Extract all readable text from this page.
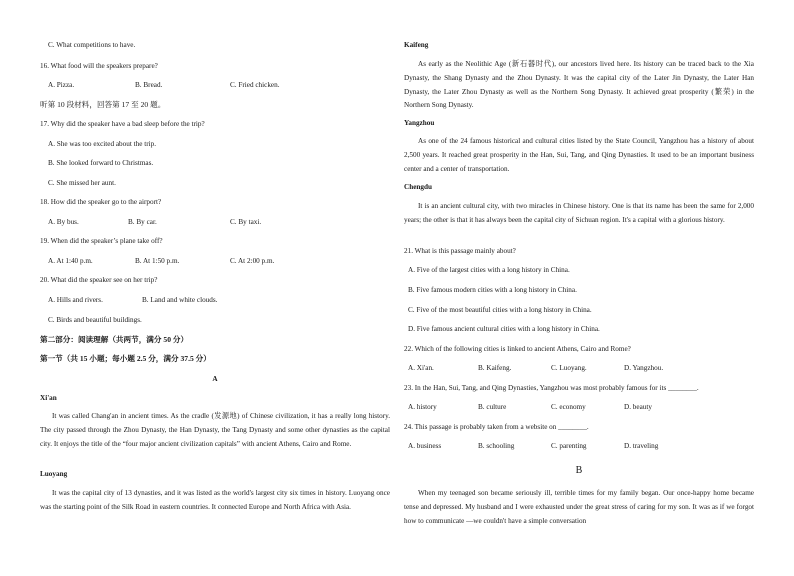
C. What competitions to have.
16. What food will the speakers prepare?
A. Pizza.	B. Bread.	C. Fried chicken.
听第 10 段材料，回答第 17 至 20 题。
17. Why did the speaker have a bad sleep before the trip?
A. She was too excited about the trip.
B. She looked forward to Christmas.
C. She missed her aunt.
18. How did the speaker go to the airport?
A. By bus.	B. By car.	C. By taxi.
19. When did the speaker’s plane take off?
A. At 1:40 p.m.	B. At 1:50 p.m.	C. At 2:00 p.m.
20. What did the speaker see on her trip?
A. Hills and rivers.	B. Land and white clouds.
C. Birds and beautiful buildings.
第二部分：阅读理解（共两节，满分 50 分）
第一节（共 15 小题；每小题 2.5 分，满分 37.5 分）
A
Xi'an
It was called Chang'an in ancient times. As the cradle (发源地) of Chinese civilization, it has a really long history. The city passed through the Zhou Dynasty, the Han Dynasty, the Tang Dynasty and some other dynasties as the capital city. It enjoys the title of the “four major ancient civilization capitals” with ancient Athens, Cairo and Rome.
Luoyang
It was the capital city of 13 dynasties, and it was listed as the world's largest city six times in history. Luoyang once was the starting point of the Silk Road in eastern countries. It connected Europe and North Africa with Asia.
Kaifeng
As early as the Neolithic Age (新石器时代), our ancestors lived here. Its history can be traced back to the Xia Dynasty, the Shang Dynasty and the Zhou Dynasty. It was the capital city of the Later Jin Dynasty, the Later Han Dynasty, the Later Zhou Dynasty as well as the Northern Song Dynasty. It achieved great prosperity (繁荣) in the Northern Song Dynasty.
Yangzhou
As one of the 24 famous historical and cultural cities listed by the State Council, Yangzhou has a history of about 2,500 years. It reached great prosperity in the Han, Sui, Tang, and Qing Dynasties. It used to be an important business center and a center of transportation.
Chengdu
It is an ancient cultural city, with two miracles in Chinese history. One is that its name has been the same for 2,000 years; the other is that it has always been the capital city of Sichuan region. It's a capital with a glorious history.
21. What is this passage mainly about?
A. Five of the largest cities with a long history in China.
B. Five famous modern cities with a long history in China.
C. Five of the most beautiful cities with a long history in China.
D. Five famous ancient cultural cities with a long history in China.
22. Which of the following cities is linked to ancient Athens, Cairo and Rome?
A. Xi'an.	B. Kaifeng.	C. Luoyang.	D. Yangzhou.
23. In the Han, Sui, Tang, and Qing Dynasties, Yangzhou was most probably famous for its ________.
A. history	B. culture	C. economy	D. beauty
24. This passage is probably taken from a website on ________.
A. business	B. schooling	C. parenting	D. traveling
B
When my teenaged son became seriously ill, terrible times for my family began. Our once-happy home became tense and depressed. My husband and I were exhausted under the great stress of caring for my son. It was as if we forgot how to communicate —we couldn't have a simple conversation
